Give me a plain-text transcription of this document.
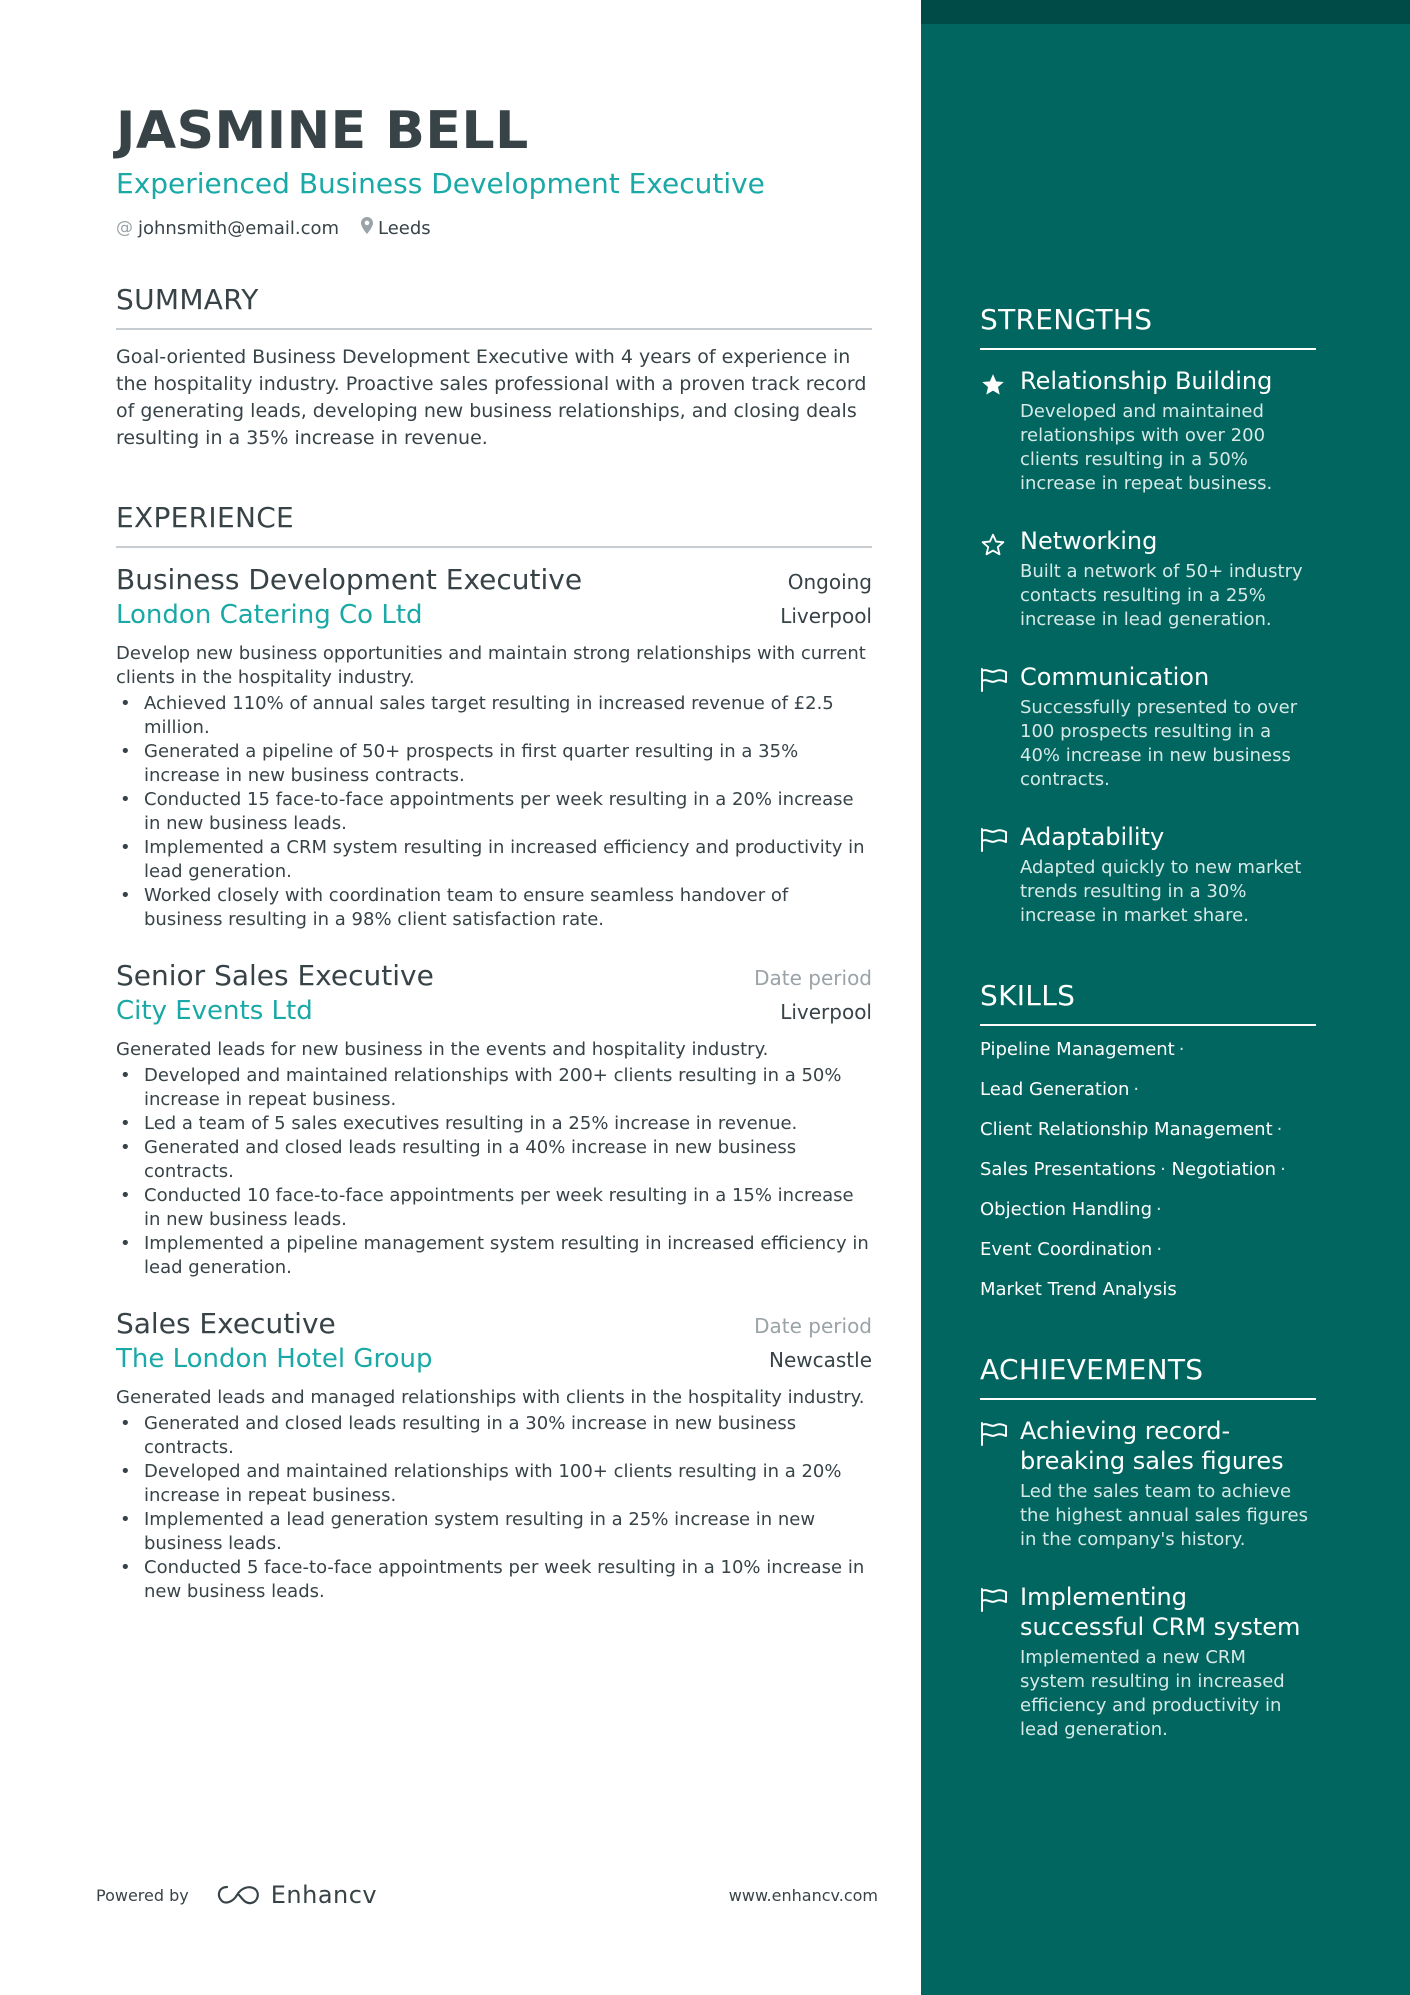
JASMINE BELL
Experienced Business Development Executive
@ johnsmith@email.com Leeds
SUMMARY
Goal-oriented Business Development Executive with 4 years of experience in the hospitality industry. Proactive sales professional with a proven track record of generating leads, developing new business relationships, and closing deals resulting in a 35% increase in revenue.
EXPERIENCE
Business Development Executive	Ongoing
London Catering Co Ltd	Liverpool
Develop new business opportunities and maintain strong relationships with current clients in the hospitality industry.
• Achieved 110% of annual sales target resulting in increased revenue of £2.5 million.
• Generated a pipeline of 50+ prospects in first quarter resulting in a 35% increase in new business contracts.
• Conducted 15 face-to-face appointments per week resulting in a 20% increase in new business leads.
• Implemented a CRM system resulting in increased efficiency and productivity in lead generation.
• Worked closely with coordination team to ensure seamless handover of business resulting in a 98% client satisfaction rate.
Senior Sales Executive	Date period
City Events Ltd	Liverpool
Generated leads for new business in the events and hospitality industry.
• Developed and maintained relationships with 200+ clients resulting in a 50% increase in repeat business.
• Led a team of 5 sales executives resulting in a 25% increase in revenue.
• Generated and closed leads resulting in a 40% increase in new business contracts.
• Conducted 10 face-to-face appointments per week resulting in a 15% increase in new business leads.
• Implemented a pipeline management system resulting in increased efficiency in lead generation.
Sales Executive	Date period
The London Hotel Group	Newcastle
Generated leads and managed relationships with clients in the hospitality industry.
• Generated and closed leads resulting in a 30% increase in new business contracts.
• Developed and maintained relationships with 100+ clients resulting in a 20% increase in repeat business.
• Implemented a lead generation system resulting in a 25% increase in new business leads.
• Conducted 5 face-to-face appointments per week resulting in a 10% increase in new business leads.
Powered by	Enhancv	www.enhancv.com
STRENGTHS
Relationship Building
Developed and maintained relationships with over 200 clients resulting in a 50% increase in repeat business.
Networking
Built a network of 50+ industry contacts resulting in a 25% increase in lead generation.
Communication
Successfully presented to over 100 prospects resulting in a 40% increase in new business contracts.
Adaptability
Adapted quickly to new market trends resulting in a 30% increase in market share.
SKILLS
Pipeline Management ·
Lead Generation ·
Client Relationship Management ·
Sales Presentations · Negotiation ·
Objection Handling ·
Event Coordination ·
Market Trend Analysis
ACHIEVEMENTS
Achieving record-breaking sales figures
Led the sales team to achieve the highest annual sales figures in the company's history.
Implementing successful CRM system
Implemented a new CRM system resulting in increased efficiency and productivity in lead generation.
